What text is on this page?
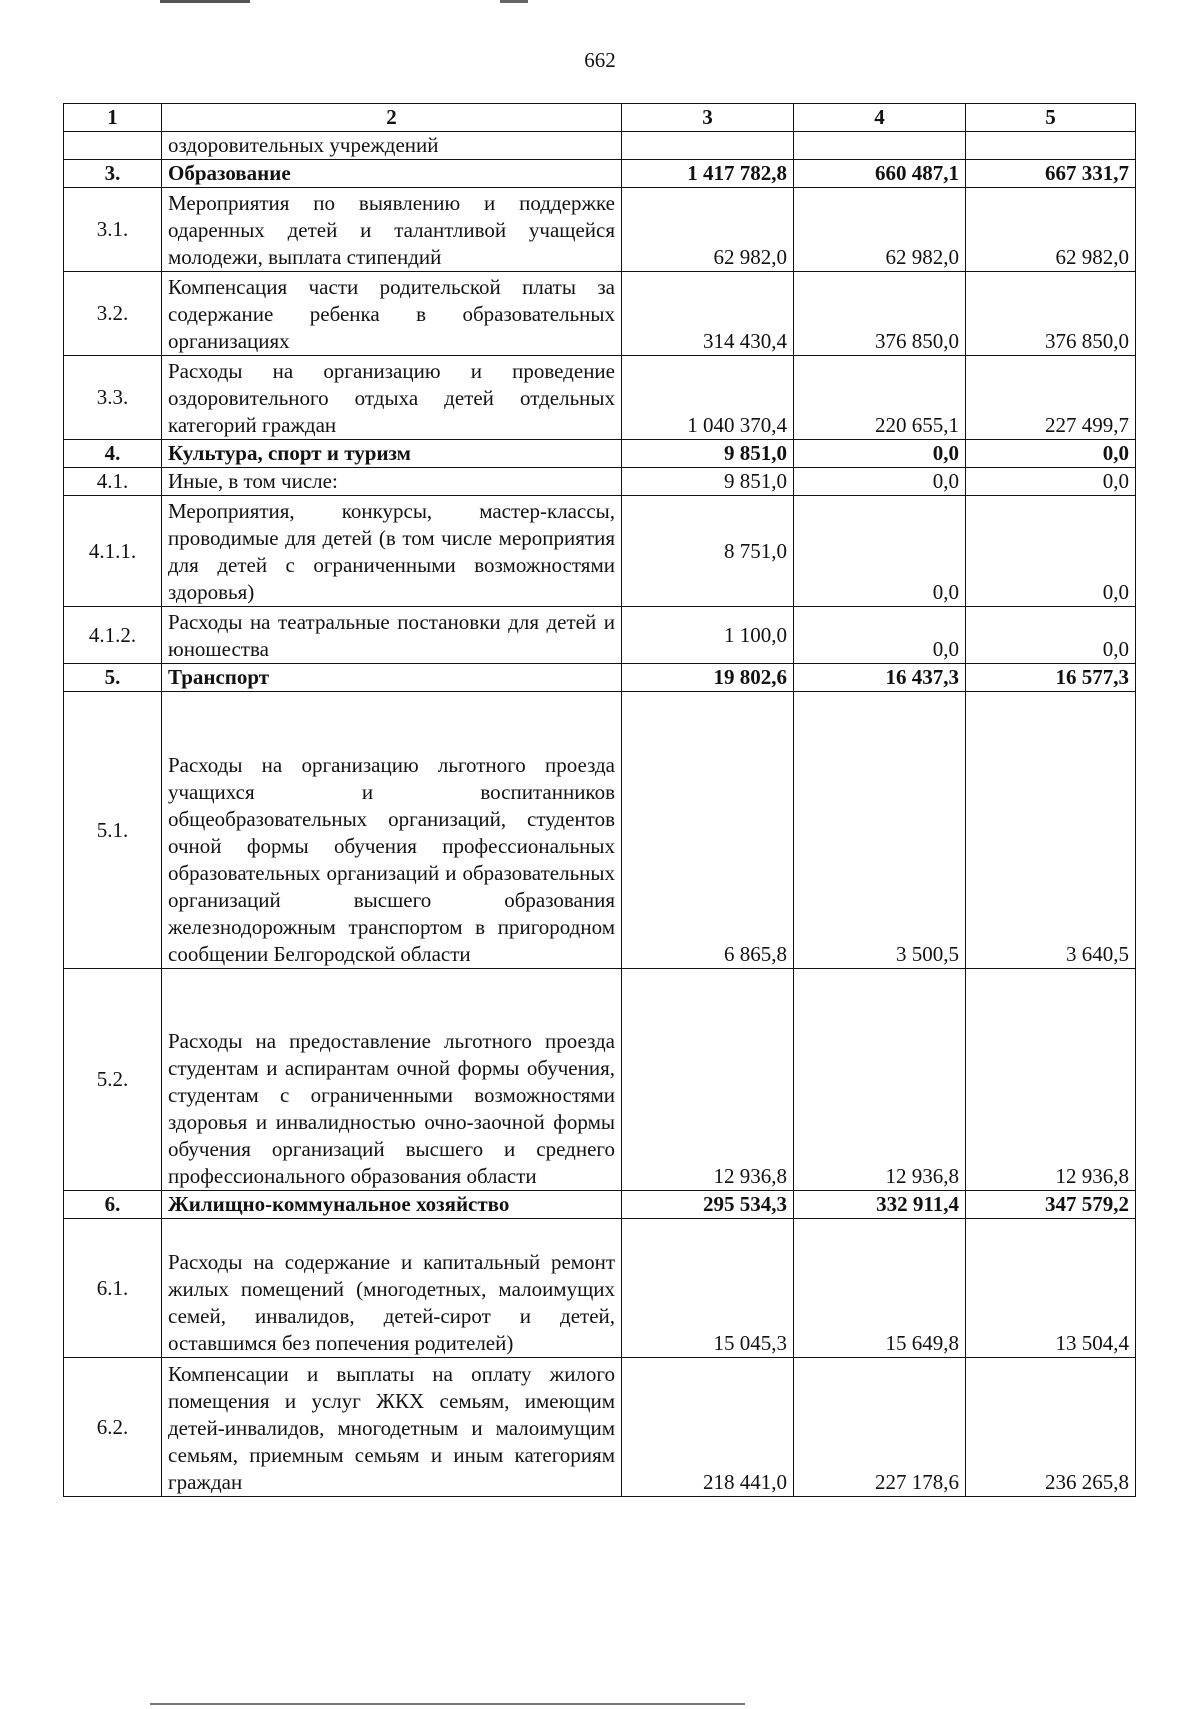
662
1	2	3	4	5
	оздоровительных учреждений			
3.	Образование	1 417 782,8	660 487,1	667 331,7
3.1.	Мероприятия по выявлению и поддержке одаренных детей и талантливой учащейся молодежи, выплата стипендий	62 982,0	62 982,0	62 982,0
3.2.	Компенсация части родительской платы за содержание ребенка в образовательных организациях	314 430,4	376 850,0	376 850,0
3.3.	Расходы на организацию и проведение оздоровительного отдыха детей отдельных категорий граждан	1 040 370,4	220 655,1	227 499,7
4.	Культура, спорт и туризм	9 851,0	0,0	0,0
4.1.	Иные, в том числе:	9 851,0	0,0	0,0
4.1.1.	Мероприятия, конкурсы, мастер-классы, проводимые для детей (в том числе мероприятия для детей с ограниченными возможностями здоровья)	8 751,0	0,0	0,0
4.1.2.	Расходы на театральные постановки для детей и юношества	1 100,0	0,0	0,0
5.	Транспорт	19 802,6	16 437,3	16 577,3
5.1.	Расходы на организацию льготного проезда учащихся и воспитанников общеобразовательных организаций, студентов очной формы обучения профессиональных образовательных организаций и образовательных организаций высшего образования железнодорожным транспортом в пригородном сообщении Белгородской области	6 865,8	3 500,5	3 640,5
5.2.	Расходы на предоставление льготного проезда студентам и аспирантам очной формы обучения, студентам с ограниченными возможностями здоровья и инвалидностью очно-заочной формы обучения организаций высшего и среднего профессионального образования области	12 936,8	12 936,8	12 936,8
6.	Жилищно-коммунальное хозяйство	295 534,3	332 911,4	347 579,2
6.1.	Расходы на содержание и капитальный ремонт жилых помещений (многодетных, малоимущих семей, инвалидов, детей-сирот и детей, оставшимся без попечения родителей)	15 045,3	15 649,8	13 504,4
6.2.	Компенсации и выплаты на оплату жилого помещения и услуг ЖКХ семьям, имеющим детей-инвалидов, многодетным и малоимущим семьям, приемным семьям и иным категориям граждан	218 441,0	227 178,6	236 265,8
